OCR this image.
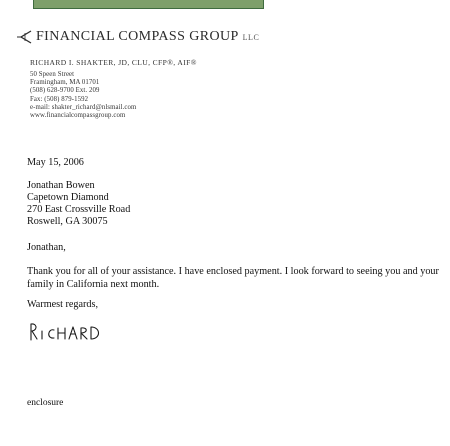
FINANCIAL COMPASS GROUP LLC
RICHARD I. SHAKTER, JD, CLU, CFP®, AIF®
50 Speen Street
Framingham, MA 01701
(508) 628-9700 Ext. 209
Fax: (508) 879-1592
e-mail: shakter_richard@nlsmail.com
www.financialcompassgroup.com
May 15, 2006
Jonathan Bowen
Capetown Diamond
270 East Crossville Road
Roswell, GA 30075
Jonathan,
Thank you for all of your assistance. I have enclosed payment. I look forward to seeing you and your family in California next month.
Warmest regards,
enclosure
